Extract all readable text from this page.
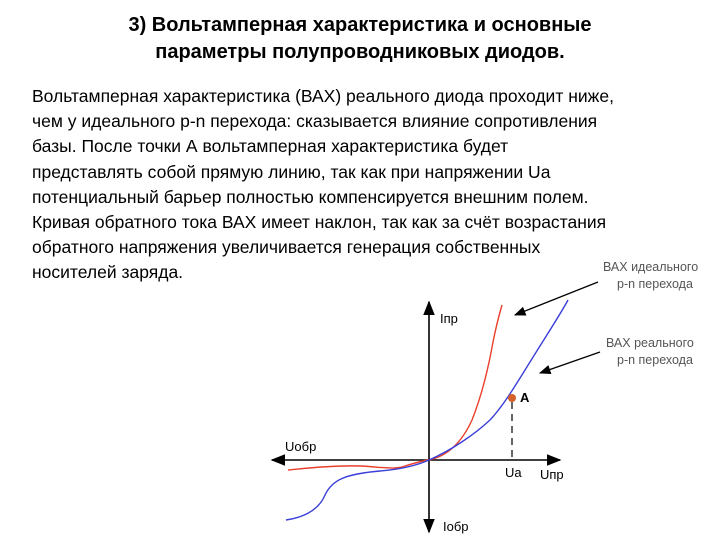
3) Вольтамперная характеристика и основные
параметры полупроводниковых диодов.
Вольтамперная характеристика (ВАХ) реального диода проходит ниже,
чем у идеального p-n перехода: сказывается влияние сопротивления
базы. После точки А вольтамперная характеристика будет
представлять собой прямую линию, так как при напряжении Ua
потенциальный барьер полностью компенсируется внешним полем.
Кривая обратного тока ВАХ имеет наклон, так как за счёт возрастания
обратного напряжения увеличивается генерация собственных
носителей заряда.
Iпр
Uобр
Uпр
Ua
Iобр
A
ВАХ идеального
p-n перехода
ВАХ реального
p-n перехода
